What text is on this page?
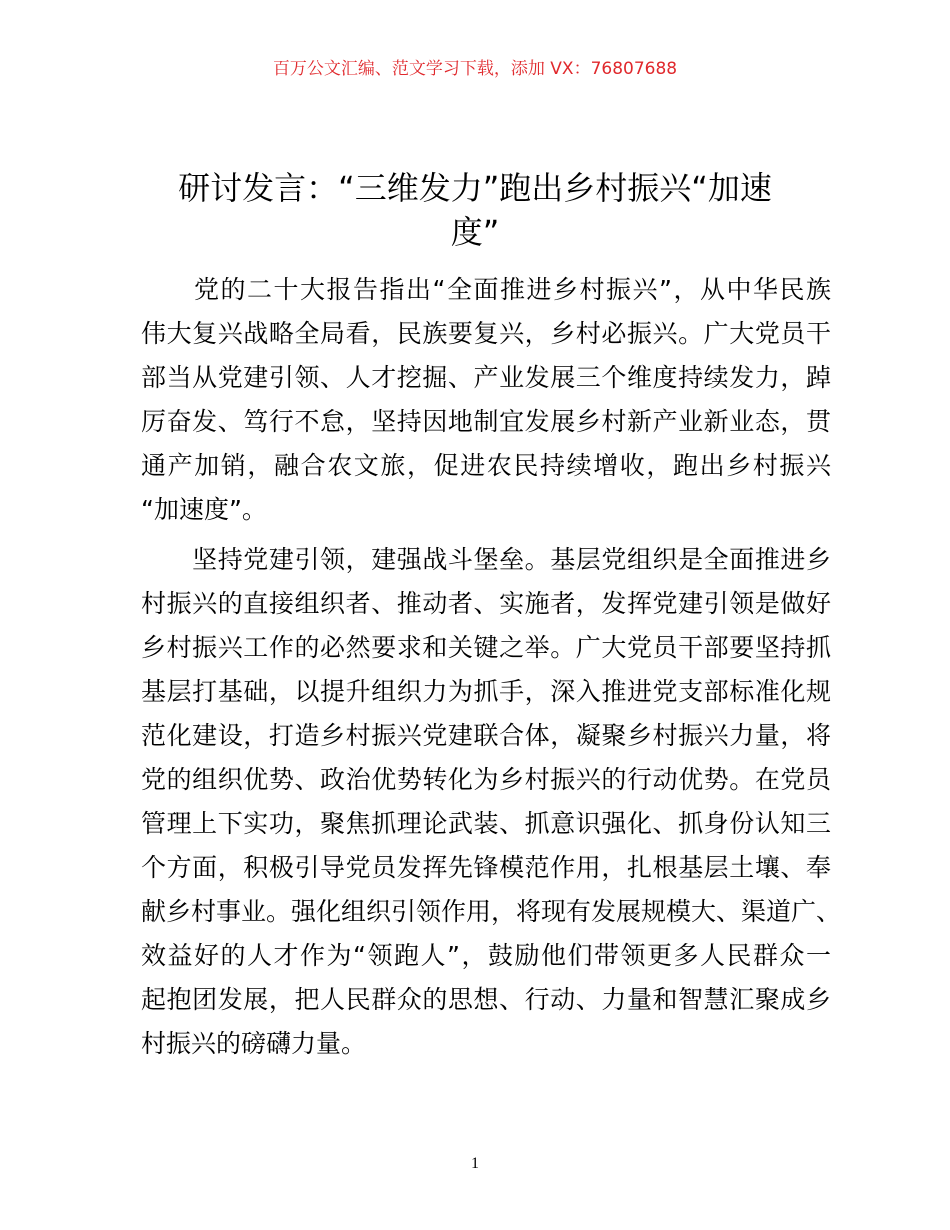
百万公文汇编、范文学习下载，添加 VX：76807688
研讨发言：“三维发力”跑出乡村振兴“加速
度”
　　党的二十大报告指出“全面推进乡村振兴”，从中华民族
伟大复兴战略全局看，民族要复兴，乡村必振兴。广大党员干
部当从党建引领、人才挖掘、产业发展三个维度持续发力，踔
厉奋发、笃行不怠，坚持因地制宜发展乡村新产业新业态，贯
通产加销，融合农文旅，促进农民持续增收，跑出乡村振兴
“加速度”。
　　坚持党建引领，建强战斗堡垒。基层党组织是全面推进乡
村振兴的直接组织者、推动者、实施者，发挥党建引领是做好
乡村振兴工作的必然要求和关键之举。广大党员干部要坚持抓
基层打基础，以提升组织力为抓手，深入推进党支部标准化规
范化建设，打造乡村振兴党建联合体，凝聚乡村振兴力量，将
党的组织优势、政治优势转化为乡村振兴的行动优势。在党员
管理上下实功，聚焦抓理论武装、抓意识强化、抓身份认知三
个方面，积极引导党员发挥先锋模范作用，扎根基层土壤、奉
献乡村事业。强化组织引领作用，将现有发展规模大、渠道广、
效益好的人才作为“领跑人”，鼓励他们带领更多人民群众一
起抱团发展，把人民群众的思想、行动、力量和智慧汇聚成乡
村振兴的磅礴力量。
1
